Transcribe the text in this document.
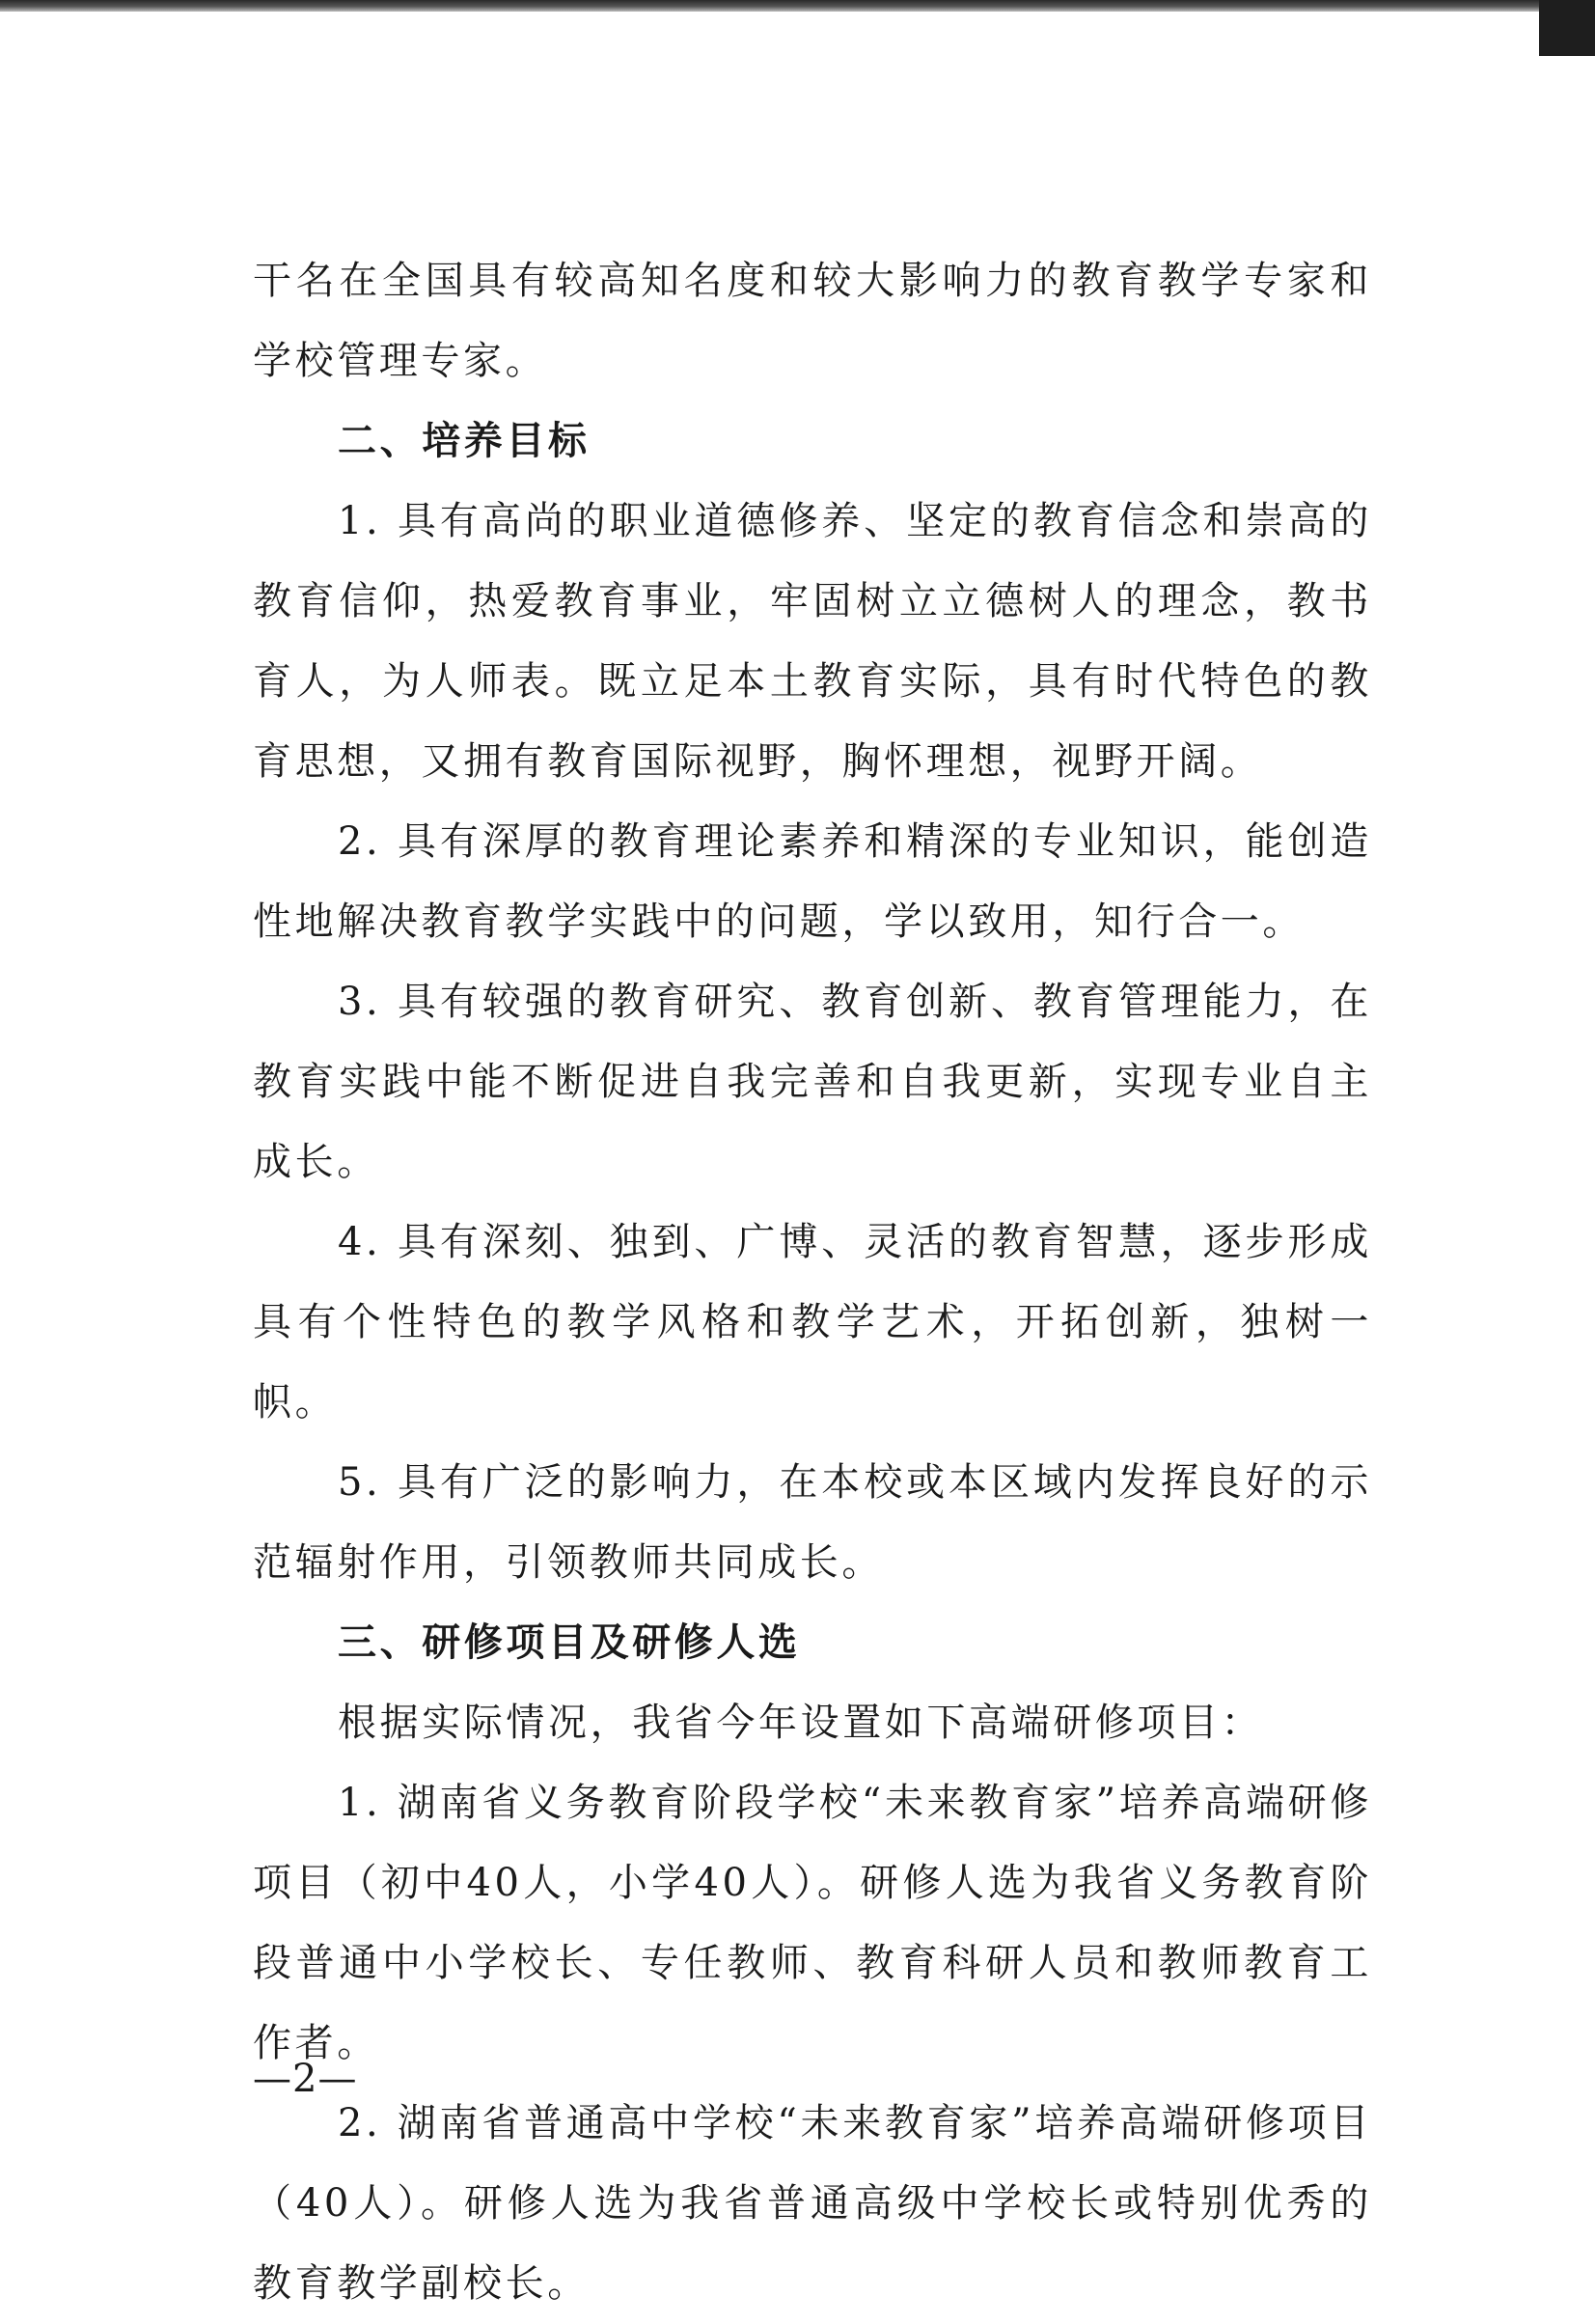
干名在全国具有较高知名度和较大影响力的教育教学专家和学校管理专家。

二、培养目标

1. 具有高尚的职业道德修养、坚定的教育信念和崇高的教育信仰，热爱教育事业，牢固树立立德树人的理念，教书育人，为人师表。既立足本土教育实际，具有时代特色的教育思想，又拥有教育国际视野，胸怀理想，视野开阔。

2. 具有深厚的教育理论素养和精深的专业知识，能创造性地解决教育教学实践中的问题，学以致用，知行合一。

3. 具有较强的教育研究、教育创新、教育管理能力，在教育实践中能不断促进自我完善和自我更新，实现专业自主成长。

4. 具有深刻、独到、广博、灵活的教育智慧，逐步形成具有个性特色的教学风格和教学艺术，开拓创新，独树一帜。

5. 具有广泛的影响力，在本校或本区域内发挥良好的示范辐射作用，引领教师共同成长。

三、研修项目及研修人选

根据实际情况，我省今年设置如下高端研修项目：

1. 湖南省义务教育阶段学校“未来教育家”培养高端研修项目（初中40人，小学40人）。研修人选为我省义务教育阶段普通中小学校长、专任教师、教育科研人员和教师教育工作者。

2. 湖南省普通高中学校“未来教育家”培养高端研修项目（40人）。研修人选为我省普通高级中学校长或特别优秀的教育教学副校长。

—2—
